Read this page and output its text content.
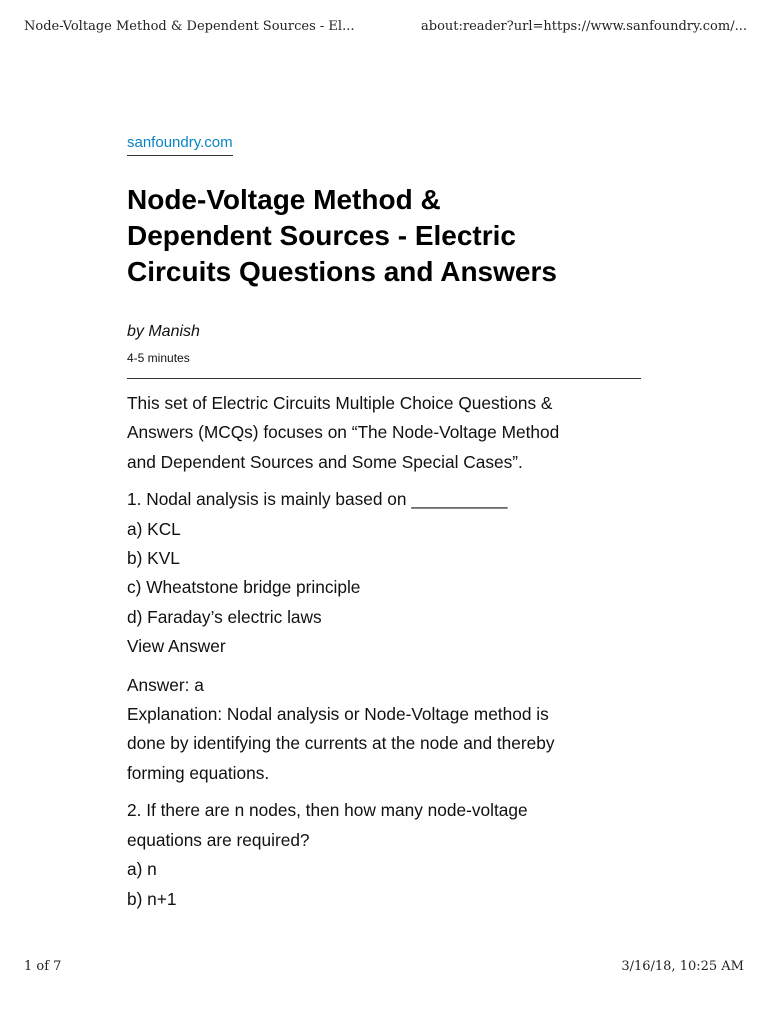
Node-Voltage Method & Dependent Sources - El...	about:reader?url=https://www.sanfoundry.com/...
sanfoundry.com
Node-Voltage Method &
Dependent Sources - Electric
Circuits Questions and Answers
by Manish
4-5 minutes
This set of Electric Circuits Multiple Choice Questions &
Answers (MCQs) focuses on “The Node-Voltage Method
and Dependent Sources and Some Special Cases”.
1. Nodal analysis is mainly based on __________
a) KCL
b) KVL
c) Wheatstone bridge principle
d) Faraday’s electric laws
View Answer
Answer: a
Explanation: Nodal analysis or Node-Voltage method is
done by identifying the currents at the node and thereby
forming equations.
2. If there are n nodes, then how many node-voltage
equations are required?
a) n
b) n+1
1 of 7	3/16/18, 10:25 AM
